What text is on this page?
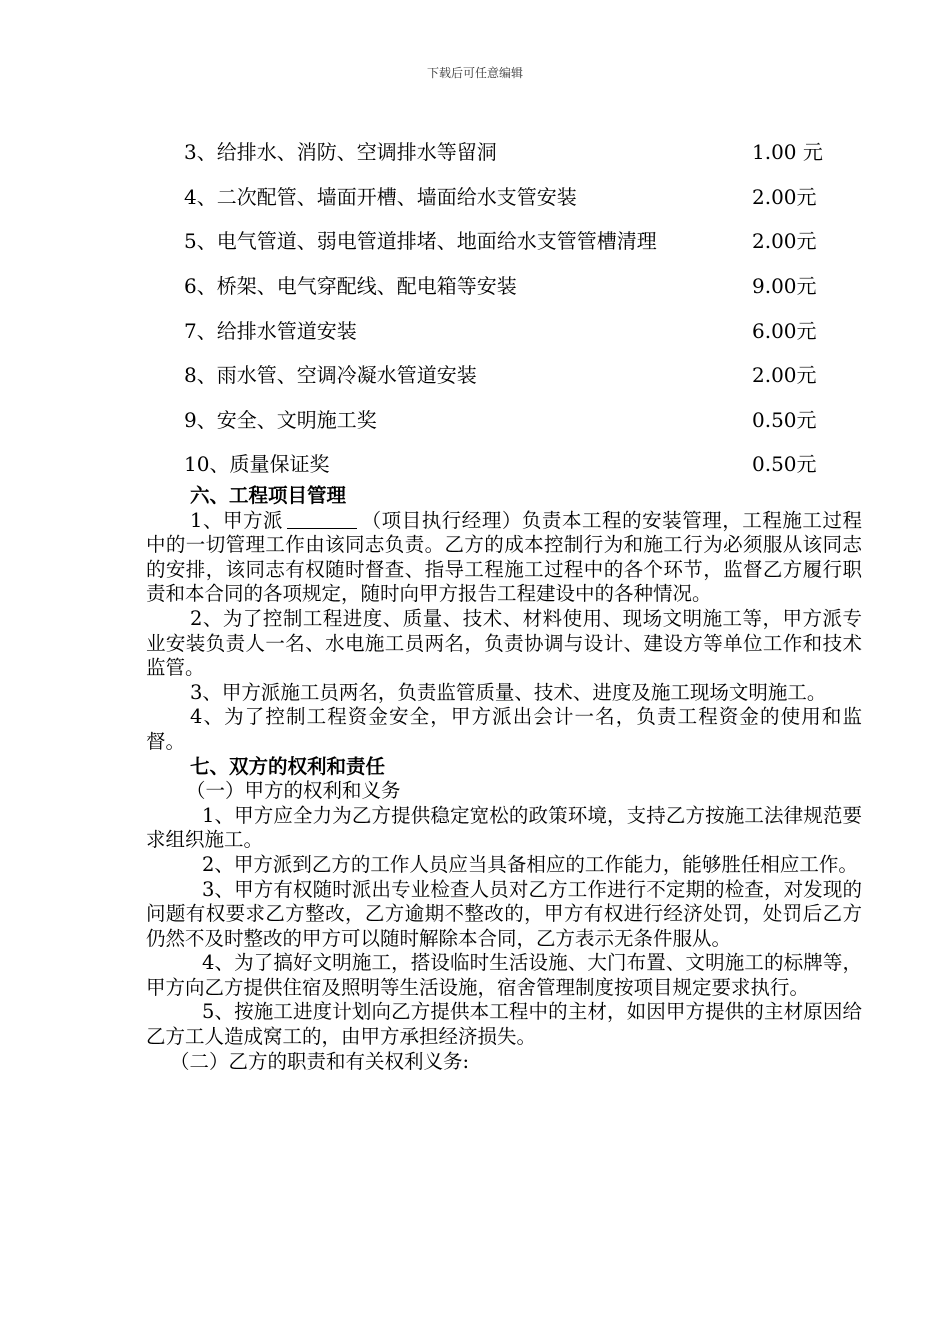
下载后可任意编辑
3、给排水、消防、空调排水等留洞	1.00 元
4、二次配管、墙面开槽、墙面给水支管安装	2.00元
5、电气管道、弱电管道排堵、地面给水支管管槽清理	2.00元
6、桥架、电气穿配线、配电箱等安装	9.00元
7、给排水管道安装	6.00元
8、雨水管、空调冷凝水管道安装	2.00元
9、安全、文明施工奖	0.50元
10、质量保证奖	0.50元

六、工程项目管理

1、甲方派	（项目执行经理）负责本工程的安装管理，工程施工过程中的一切管理工作由该同志负责。乙方的成本控制行为和施工行为必须服从该同志的安排，该同志有权随时督查、指导工程施工过程中的各个环节，监督乙方履行职责和本合同的各项规定，随时向甲方报告工程建设中的各种情况。

2、为了控制工程进度、质量、技术、材料使用、现场文明施工等，甲方派专业安装负责人一名、水电施工员两名，负责协调与设计、建设方等单位工作和技术监管。

3、甲方派施工员两名，负责监管质量、技术、进度及施工现场文明施工。

4、为了控制工程资金安全，甲方派出会计一名，负责工程资金的使用和监督。

七、双方的权利和责任

（一）甲方的权利和义务

1、甲方应全力为乙方提供稳定宽松的政策环境，支持乙方按施工法律规范要求组织施工。

2、甲方派到乙方的工作人员应当具备相应的工作能力，能够胜任相应工作。

3、甲方有权随时派出专业检查人员对乙方工作进行不定期的检查，对发现的问题有权要求乙方整改，乙方逾期不整改的，甲方有权进行经济处罚，处罚后乙方仍然不及时整改的甲方可以随时解除本合同，乙方表示无条件服从。

4、为了搞好文明施工，搭设临时生活设施、大门布置、文明施工的标牌等，甲方向乙方提供住宿及照明等生活设施，宿舍管理制度按项目规定要求执行。

5、按施工进度计划向乙方提供本工程中的主材，如因甲方提供的主材原因给乙方工人造成窝工的，由甲方承担经济损失。

（二）乙方的职责和有关权利义务:
